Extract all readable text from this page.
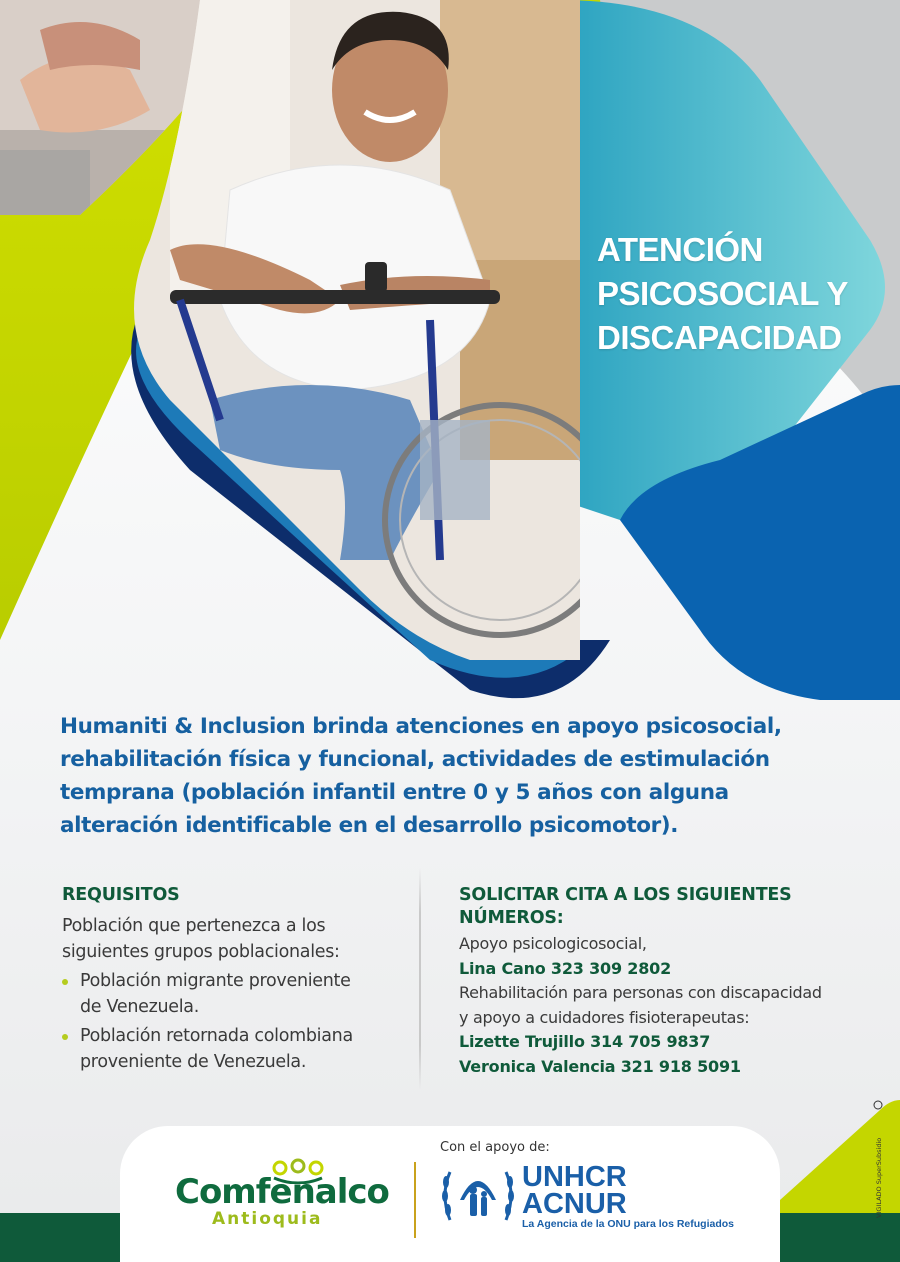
ATENCIÓN
PSICOSOCIAL Y
DISCAPACIDAD
Humaniti & Inclusion brinda atenciones en apoyo psicosocial,
rehabilitación física y funcional, actividades de estimulación
temprana (población infantil entre 0 y 5 años con alguna
alteración identificable en el desarrollo psicomotor).
REQUISITOS
Población que pertenezca a los
siguientes grupos poblacionales:
Población migrante proveniente
de Venezuela.
Población retornada colombiana
proveniente de Venezuela.
SOLICITAR CITA A LOS SIGUIENTES
NÚMEROS:
Apoyo psicologicosocial,
Lina Cano 323 309 2802
Rehabilitación para personas con discapacidad
y apoyo a cuidadores fisioterapeutas:
Lizette Trujillo 314 705 9837
Veronica Valencia 321 918 5091
Con el apoyo de:
Comfenalco
Antioquia
UNHCR
ACNUR
La Agencia de la ONU para los Refugiados
VIGILADO SuperSubsidio
